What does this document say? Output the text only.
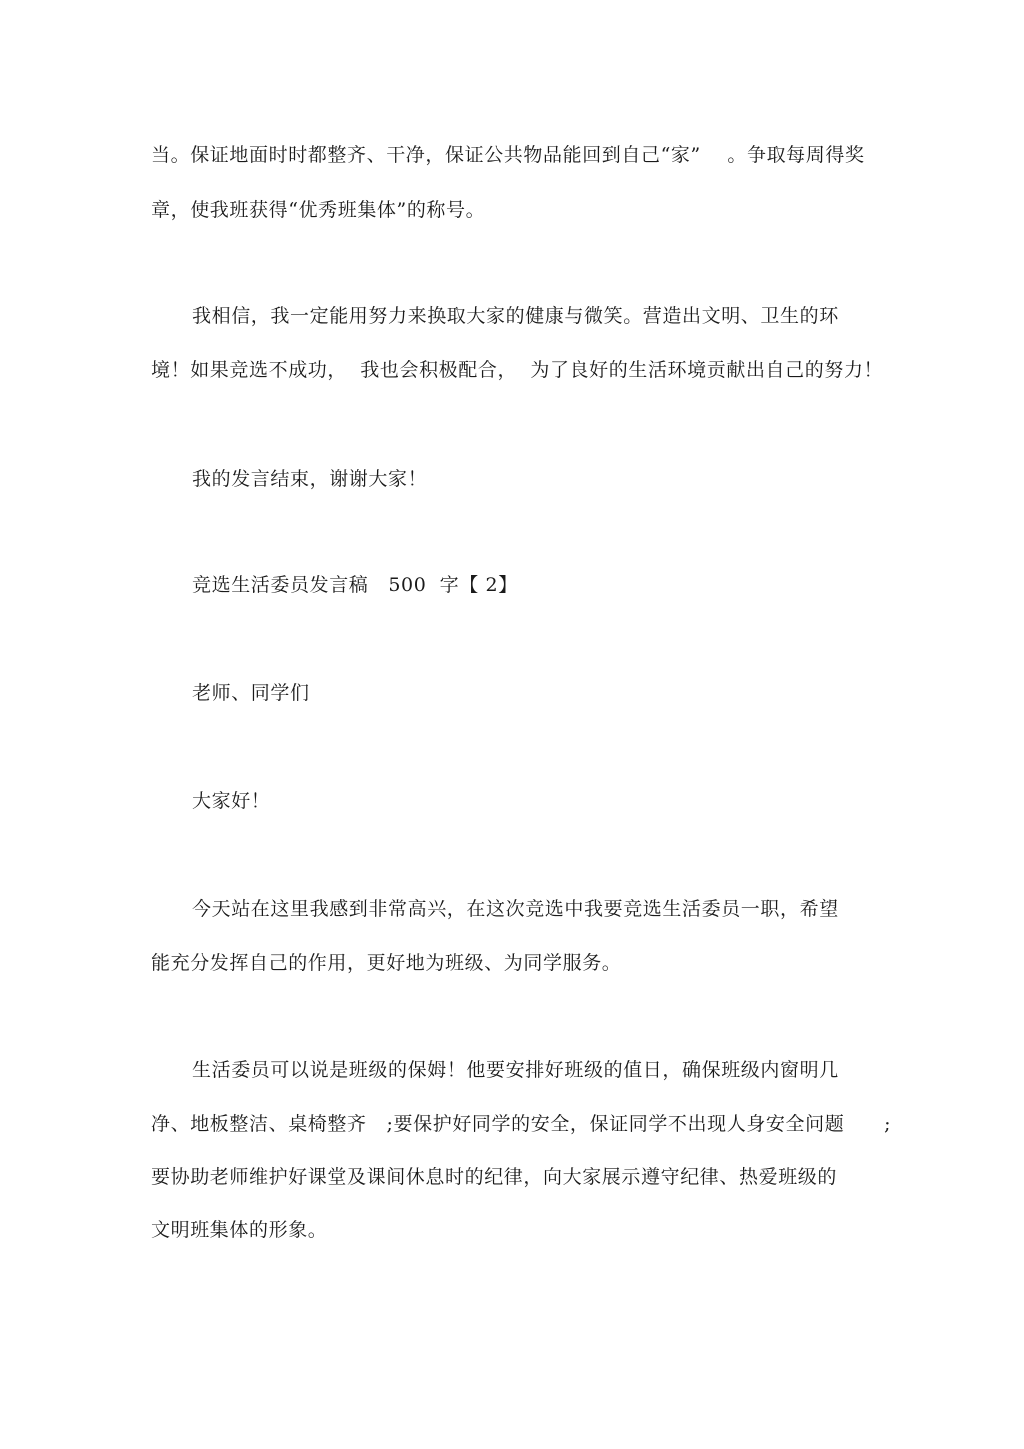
当。保证地面时时都整齐、干净，保证公共物品能回到自己“家”    。争取每周得奖
章，使我班获得“优秀班集体”的称号。
我相信，我一定能用努力来换取大家的健康与微笑。营造出文明、卫生的环
境！如果竞选不成功，  我也会积极配合，  为了良好的生活环境贡献出自己的努力！
我的发言结束，谢谢大家！
竞选生活委员发言稿   500  字【 2】
老师、同学们
大家好！
今天站在这里我感到非常高兴，在这次竞选中我要竞选生活委员一职，希望
能充分发挥自己的作用，更好地为班级、为同学服务。
生活委员可以说是班级的保姆！他要安排好班级的值日，确保班级内窗明几
净、地板整洁、桌椅整齐   ;要保护好同学的安全，保证同学不出现人身安全问题      ;
要协助老师维护好课堂及课间休息时的纪律，向大家展示遵守纪律、热爱班级的
文明班集体的形象。
